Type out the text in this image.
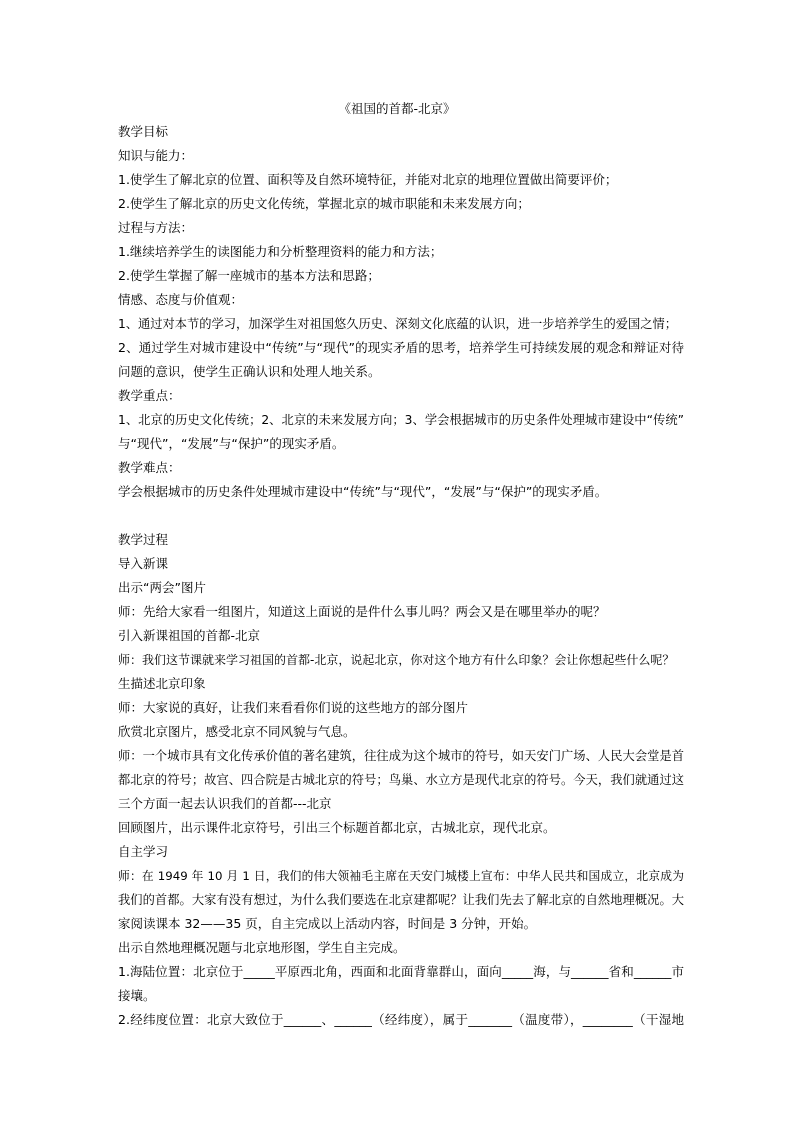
《祖国的首都-北京》
教学目标
知识与能力：
1.使学生了解北京的位置、面积等及自然环境特征，并能对北京的地理位置做出简要评价；
2.使学生了解北京的历史文化传统，掌握北京的城市职能和未来发展方向；
过程与方法：
1.继续培养学生的读图能力和分析整理资料的能力和方法；
2.使学生掌握了解一座城市的基本方法和思路；
情感、态度与价值观：
1、通过对本节的学习，加深学生对祖国悠久历史、深刻文化底蕴的认识，进一步培养学生的爱国之情；
2、通过学生对城市建设中“传统”与“现代”的现实矛盾的思考，培养学生可持续发展的观念和辩证对待
问题的意识，使学生正确认识和处理人地关系。
教学重点：
1、北京的历史文化传统；2、北京的未来发展方向；3、学会根据城市的历史条件处理城市建设中“传统”
与“现代”，“发展”与“保护”的现实矛盾。
教学难点：
学会根据城市的历史条件处理城市建设中“传统”与“现代”，“发展”与“保护”的现实矛盾。
教学过程
导入新课
出示“两会”图片
师：先给大家看一组图片，知道这上面说的是件什么事儿吗？两会又是在哪里举办的呢？
引入新课祖国的首都-北京
师：我们这节课就来学习祖国的首都-北京，说起北京，你对这个地方有什么印象？会让你想起些什么呢？
生描述北京印象
师：大家说的真好，让我们来看看你们说的这些地方的部分图片
欣赏北京图片，感受北京不同风貌与气息。
师：一个城市具有文化传承价值的著名建筑，往往成为这个城市的符号，如天安门广场、人民大会堂是首
都北京的符号；故宫、四合院是古城北京的符号；鸟巢、水立方是现代北京的符号。今天，我们就通过这
三个方面一起去认识我们的首都---北京
回顾图片，出示课件北京符号，引出三个标题首都北京，古城北京，现代北京。
自主学习
师：在 1949 年 10 月 1 日，我们的伟大领袖毛主席在天安门城楼上宣布：中华人民共和国成立，北京成为
我们的首都。大家有没有想过，为什么我们要选在北京建都呢？让我们先去了解北京的自然地理概况。大
家阅读课本 32——35 页，自主完成以上活动内容，时间是 3 分钟，开始。
出示自然地理概况题与北京地形图，学生自主完成。
1.海陆位置：北京位于_____平原西北角，西面和北面背靠群山，面向_____海，与______省和______市
接壤。
2.经纬度位置：北京大致位于______、______（经纬度），属于_______（温度带），________（干湿地
